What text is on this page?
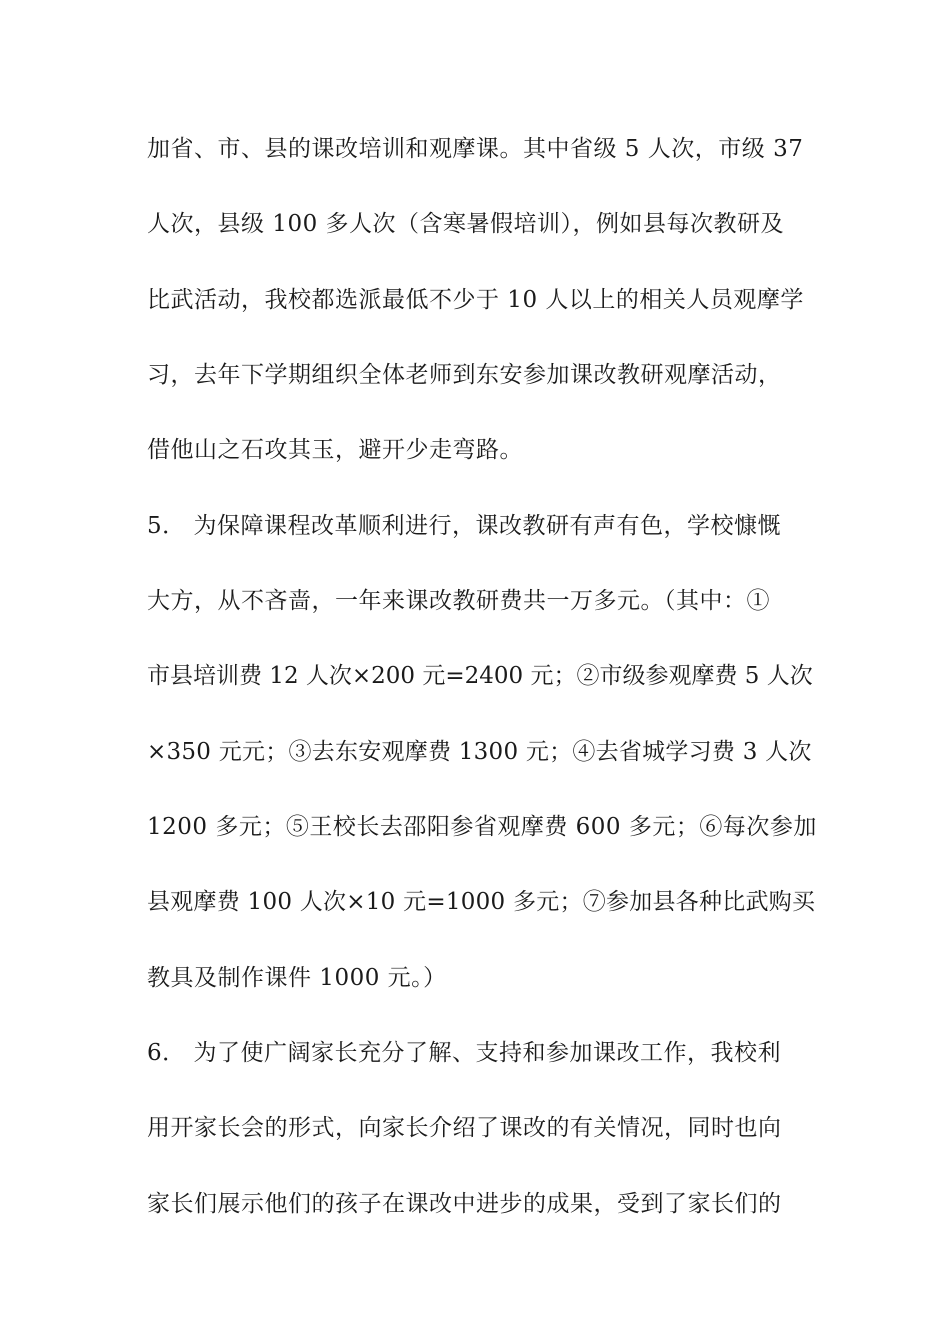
加省、市、县的课改培训和观摩课。其中省级 5 人次，市级 37
人次，县级 100 多人次（含寒暑假培训），例如县每次教研及
比武活动，我校都选派最低不少于 10 人以上的相关人员观摩学
习，去年下学期组织全体老师到东安参加课改教研观摩活动，
借他山之石攻其玉，避开少走弯路。
5． 为保障课程改革顺利进行，课改教研有声有色，学校慷慨
大方，从不吝啬，一年来课改教研费共一万多元。（其中：①
市县培训费 12 人次×200 元=2400 元；②市级参观摩费 5 人次
×350 元元；③去东安观摩费 1300 元；④去省城学习费 3 人次
1200 多元；⑤王校长去邵阳参省观摩费 600 多元；⑥每次参加
县观摩费 100 人次×10 元=1000 多元；⑦参加县各种比武购买
教具及制作课件 1000 元。）
6． 为了使广阔家长充分了解、支持和参加课改工作，我校利
用开家长会的形式，向家长介绍了课改的有关情况，同时也向
家长们展示他们的孩子在课改中进步的成果，受到了家长们的
